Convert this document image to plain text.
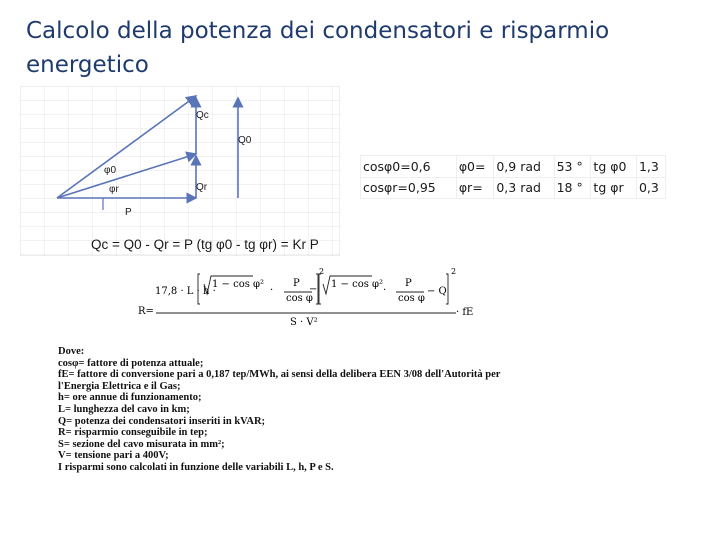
Calcolo della potenza dei condensatori e risparmio energetico
Qc
Q0
Qr
φ0
φr
P
Qc = Q0 - Qr = P (tg φ0 - tg φr) = Kr P
cosφ0=0,6	φ0=	0,9 rad	53 °	tg φ0	1,3
cosφr=0,95	φr=	0,3 rad	18 °	tg φr	0,3
R=
17,8 · L · h ·
1 − cos φ²
·
P
cos φ
2
− 1 − cos φ²
·
P
cos φ
− Q
2
S · V²
· fE
Dove:
cosφ= fattore di potenza attuale;
fE= fattore di conversione pari a 0,187 tep/MWh, ai sensi della delibera EEN 3/08 dell'Autorità per
l'Energia Elettrica e il Gas;
h= ore annue di funzionamento;
L= lunghezza del cavo in km;
Q= potenza dei condensatori inseriti in kVAR;
R= risparmio conseguibile in tep;
S= sezione del cavo misurata in mm²;
V= tensione pari a 400V;
I risparmi sono calcolati in funzione delle variabili L, h, P e S.
